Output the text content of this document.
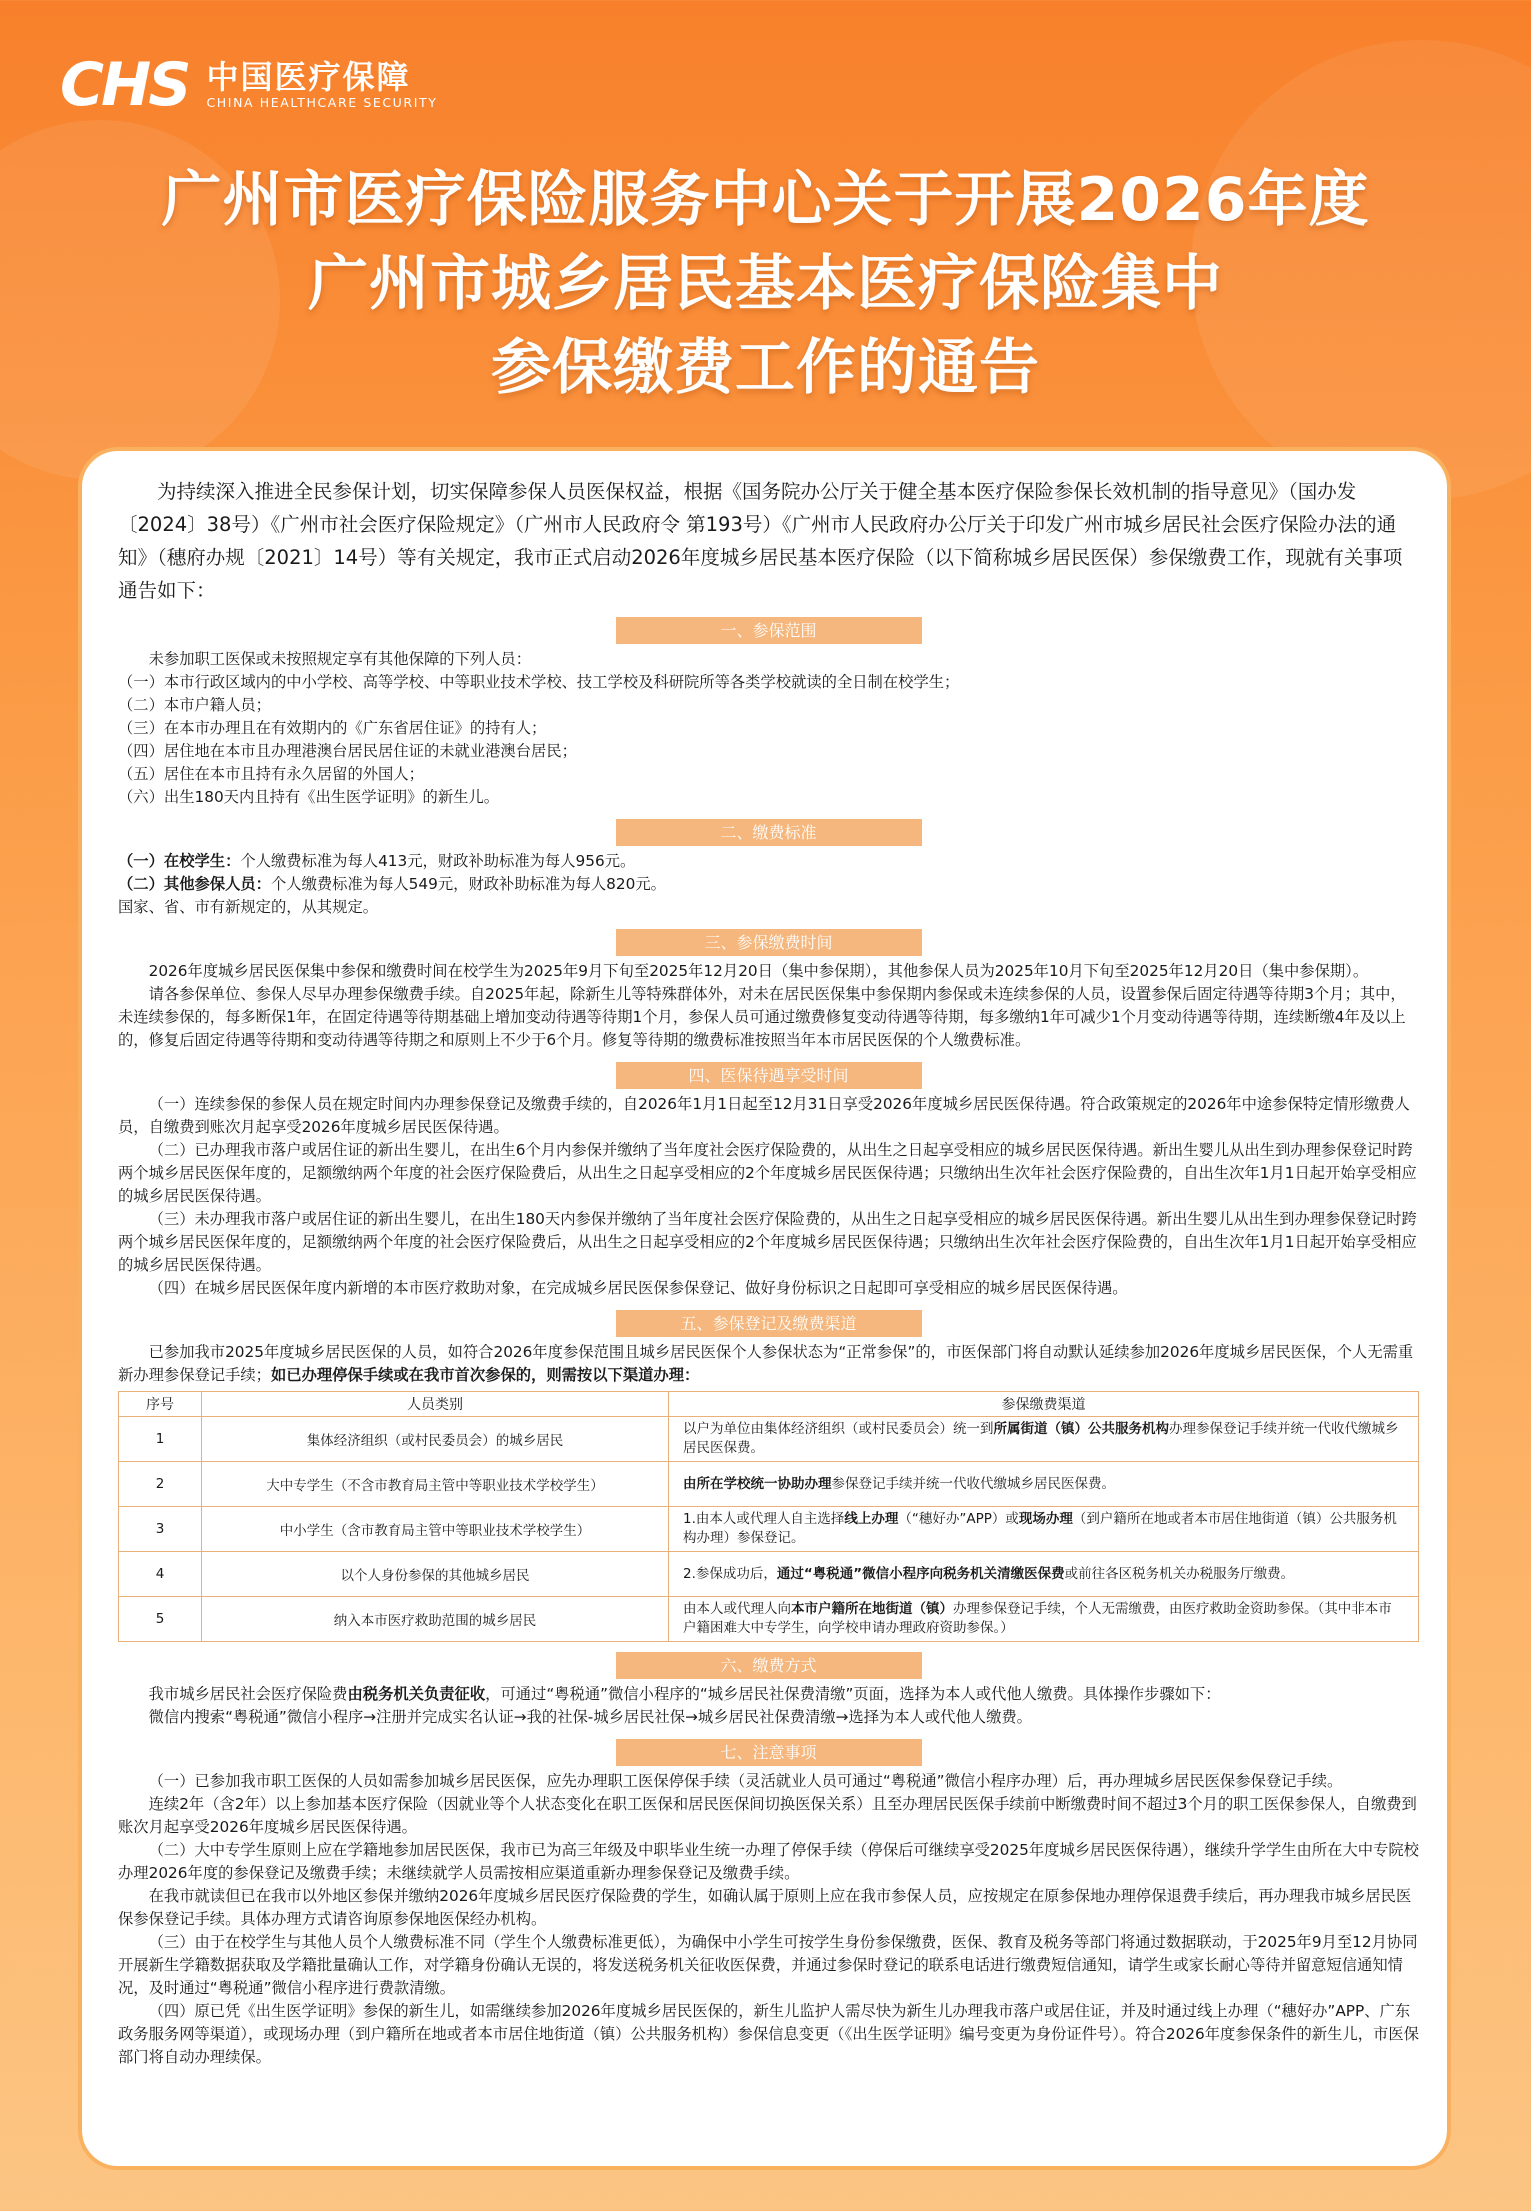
CHS 中国医疗保障
CHINA HEALTHCARE SECURITY
广州市医疗保险服务中心关于开展2026年度
广州市城乡居民基本医疗保险集中
参保缴费工作的通告

为持续深入推进全民参保计划，切实保障参保人员医保权益，根据《国务院办公厅关于健全基本医疗保险参保长效机制的指导意见》（国办发〔2024〕38号）《广州市社会医疗保险规定》（广州市人民政府令 第193号）《广州市人民政府办公厅关于印发广州市城乡居民社会医疗保险办法的通知》（穗府办规〔2021〕14号）等有关规定，我市正式启动2026年度城乡居民基本医疗保险（以下简称城乡居民医保）参保缴费工作，现就有关事项通告如下：

一、参保范围

未参加职工医保或未按照规定享有其他保障的下列人员：

（一）本市行政区域内的中小学校、高等学校、中等职业技术学校、技工学校及科研院所等各类学校就读的全日制在校学生；

（二）本市户籍人员；

（三）在本市办理且在有效期内的《广东省居住证》的持有人；

（四）居住地在本市且办理港澳台居民居住证的未就业港澳台居民；

（五）居住在本市且持有永久居留的外国人；

（六）出生180天内且持有《出生医学证明》的新生儿。

二、缴费标准

（一）在校学生：个人缴费标准为每人413元，财政补助标准为每人956元。

（二）其他参保人员：个人缴费标准为每人549元，财政补助标准为每人820元。

国家、省、市有新规定的，从其规定。

三、参保缴费时间

2026年度城乡居民医保集中参保和缴费时间在校学生为2025年9月下旬至2025年12月20日（集中参保期），其他参保人员为2025年10月下旬至2025年12月20日（集中参保期）。

请各参保单位、参保人尽早办理参保缴费手续。自2025年起，除新生儿等特殊群体外，对未在居民医保集中参保期内参保或未连续参保的人员，设置参保后固定待遇等待期3个月；其中，未连续参保的，每多断保1年，在固定待遇等待期基础上增加变动待遇等待期1个月，参保人员可通过缴费修复变动待遇等待期，每多缴纳1年可减少1个月变动待遇等待期，连续断缴4年及以上的，修复后固定待遇等待期和变动待遇等待期之和原则上不少于6个月。修复等待期的缴费标准按照当年本市居民医保的个人缴费标准。

四、医保待遇享受时间

（一）连续参保的参保人员在规定时间内办理参保登记及缴费手续的，自2026年1月1日起至12月31日享受2026年度城乡居民医保待遇。符合政策规定的2026年中途参保特定情形缴费人员，自缴费到账次月起享受2026年度城乡居民医保待遇。

（二）已办理我市落户或居住证的新出生婴儿，在出生6个月内参保并缴纳了当年度社会医疗保险费的，从出生之日起享受相应的城乡居民医保待遇。新出生婴儿从出生到办理参保登记时跨两个城乡居民医保年度的，足额缴纳两个年度的社会医疗保险费后，从出生之日起享受相应的2个年度城乡居民医保待遇；只缴纳出生次年社会医疗保险费的，自出生次年1月1日起开始享受相应的城乡居民医保待遇。

（三）未办理我市落户或居住证的新出生婴儿，在出生180天内参保并缴纳了当年度社会医疗保险费的，从出生之日起享受相应的城乡居民医保待遇。新出生婴儿从出生到办理参保登记时跨两个城乡居民医保年度的，足额缴纳两个年度的社会医疗保险费后，从出生之日起享受相应的2个年度城乡居民医保待遇；只缴纳出生次年社会医疗保险费的，自出生次年1月1日起开始享受相应的城乡居民医保待遇。

（四）在城乡居民医保年度内新增的本市医疗救助对象，在完成城乡居民医保参保登记、做好身份标识之日起即可享受相应的城乡居民医保待遇。

五、参保登记及缴费渠道

已参加我市2025年度城乡居民医保的人员，如符合2026年度参保范围且城乡居民医保个人参保状态为“正常参保”的，市医保部门将自动默认延续参加2026年度城乡居民医保，个人无需重新办理参保登记手续；如已办理停保手续或在我市首次参保的，则需按以下渠道办理：

序号	人员类别	参保缴费渠道
1	集体经济组织（或村民委员会）的城乡居民	以户为单位由集体经济组织（或村民委员会）统一到所属街道（镇）公共服务机构办理参保登记手续并统一代收代缴城乡居民医保费。
2	大中专学生（不含市教育局主管中等职业技术学校学生）	由所在学校统一协助办理参保登记手续并统一代收代缴城乡居民医保费。
3	中小学生（含市教育局主管中等职业技术学校学生）	1.由本人或代理人自主选择线上办理（“穗好办”APP）或现场办理（到户籍所在地或者本市居住地街道（镇）公共服务机构办理）参保登记。
4	以个人身份参保的其他城乡居民	2.参保成功后，通过“粤税通”微信小程序向税务机关清缴医保费或前往各区税务机关办税服务厅缴费。
5	纳入本市医疗救助范围的城乡居民	由本人或代理人向本市户籍所在地街道（镇）办理参保登记手续，个人无需缴费，由医疗救助金资助参保。（其中非本市户籍困难大中专学生，向学校申请办理政府资助参保。）
六、缴费方式

我市城乡居民社会医疗保险费由税务机关负责征收，可通过“粤税通”微信小程序的“城乡居民社保费清缴”页面，选择为本人或代他人缴费。具体操作步骤如下：

微信内搜索“粤税通”微信小程序→注册并完成实名认证→我的社保-城乡居民社保→城乡居民社保费清缴→选择为本人或代他人缴费。

七、注意事项

（一）已参加我市职工医保的人员如需参加城乡居民医保，应先办理职工医保停保手续（灵活就业人员可通过“粤税通”微信小程序办理）后，再办理城乡居民医保参保登记手续。

连续2年（含2年）以上参加基本医疗保险（因就业等个人状态变化在职工医保和居民医保间切换医保关系）且至办理居民医保手续前中断缴费时间不超过3个月的职工医保参保人，自缴费到账次月起享受2026年度城乡居民医保待遇。

（二）大中专学生原则上应在学籍地参加居民医保，我市已为高三年级及中职毕业生统一办理了停保手续（停保后可继续享受2025年度城乡居民医保待遇），继续升学学生由所在大中专院校办理2026年度的参保登记及缴费手续；未继续就学人员需按相应渠道重新办理参保登记及缴费手续。

在我市就读但已在我市以外地区参保并缴纳2026年度城乡居民医疗保险费的学生，如确认属于原则上应在我市参保人员，应按规定在原参保地办理停保退费手续后，再办理我市城乡居民医保参保登记手续。具体办理方式请咨询原参保地医保经办机构。

（三）由于在校学生与其他人员个人缴费标准不同（学生个人缴费标准更低），为确保中小学生可按学生身份参保缴费，医保、教育及税务等部门将通过数据联动，于2025年9月至12月协同开展新生学籍数据获取及学籍批量确认工作，对学籍身份确认无误的，将发送税务机关征收医保费，并通过参保时登记的联系电话进行缴费短信通知，请学生或家长耐心等待并留意短信通知情况，及时通过“粤税通”微信小程序进行费款清缴。

（四）原已凭《出生医学证明》参保的新生儿，如需继续参加2026年度城乡居民医保的，新生儿监护人需尽快为新生儿办理我市落户或居住证，并及时通过线上办理（“穗好办”APP、广东政务服务网等渠道），或现场办理（到户籍所在地或者本市居住地街道（镇）公共服务机构）参保信息变更（《出生医学证明》编号变更为身份证件号）。符合2026年度参保条件的新生儿，市医保部门将自动办理续保。
